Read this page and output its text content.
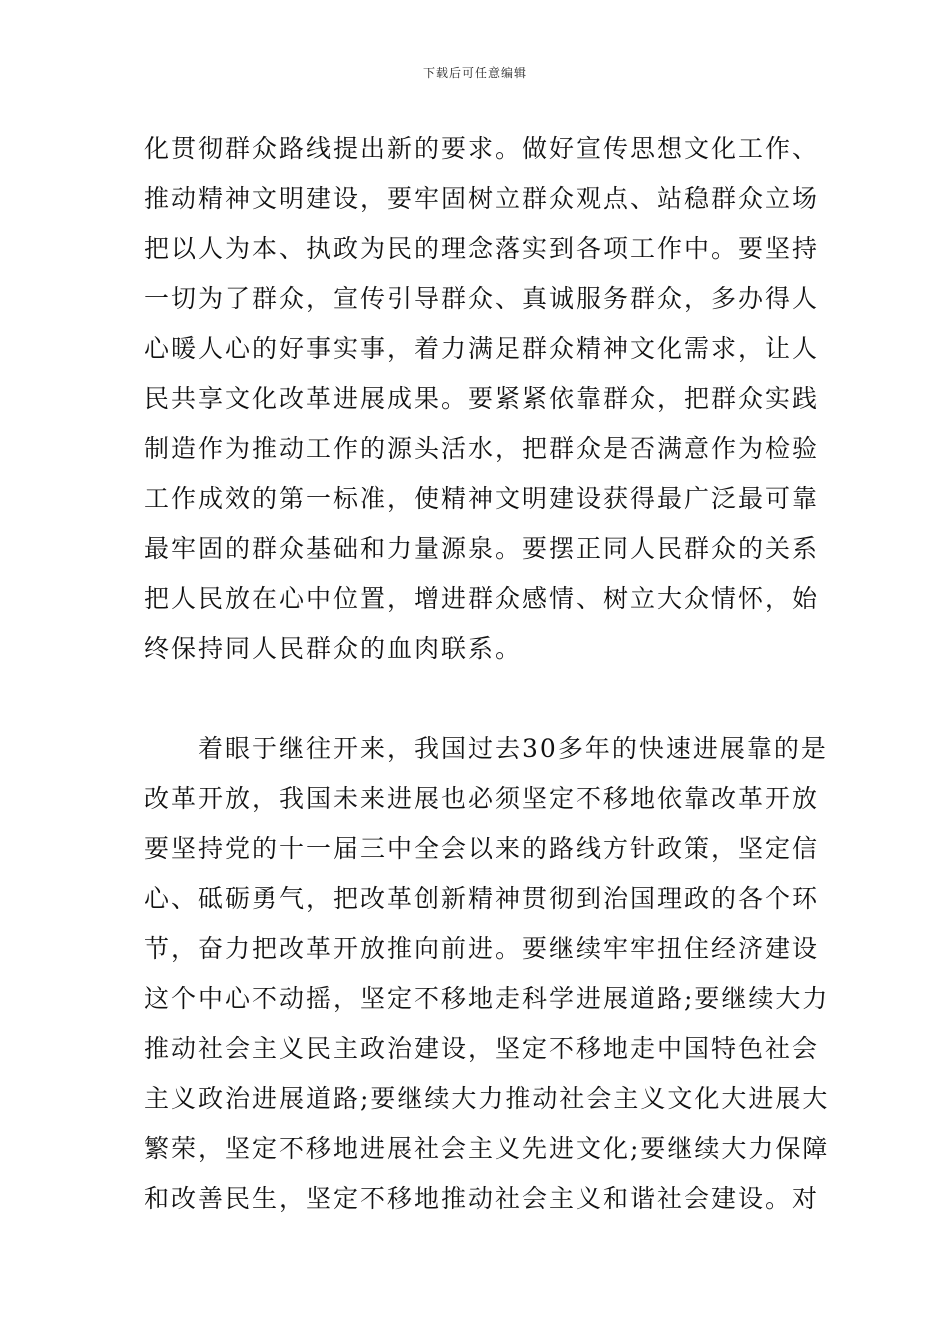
下载后可任意编辑
化贯彻群众路线提出新的要求。做好宣传思想文化工作、
推动精神文明建设，要牢固树立群众观点、站稳群众立场
把以人为本、执政为民的理念落实到各项工作中。要坚持
一切为了群众，宣传引导群众、真诚服务群众，多办得人
心暖人心的好事实事，着力满足群众精神文化需求，让人
民共享文化改革进展成果。要紧紧依靠群众，把群众实践
制造作为推动工作的源头活水，把群众是否满意作为检验
工作成效的第一标准，使精神文明建设获得最广泛最可靠
最牢固的群众基础和力量源泉。要摆正同人民群众的关系
把人民放在心中位置，增进群众感情、树立大众情怀，始
终保持同人民群众的血肉联系。
着眼于继往开来，我国过去30多年的快速进展靠的是
改革开放，我国未来进展也必须坚定不移地依靠改革开放
要坚持党的十一届三中全会以来的路线方针政策，坚定信
心、砥砺勇气，把改革创新精神贯彻到治国理政的各个环
节，奋力把改革开放推向前进。要继续牢牢扭住经济建设
这个中心不动摇，坚定不移地走科学进展道路;要继续大力
推动社会主义民主政治建设，坚定不移地走中国特色社会
主义政治进展道路;要继续大力推动社会主义文化大进展大
繁荣，坚定不移地进展社会主义先进文化;要继续大力保障
和改善民生，坚定不移地推动社会主义和谐社会建设。对
